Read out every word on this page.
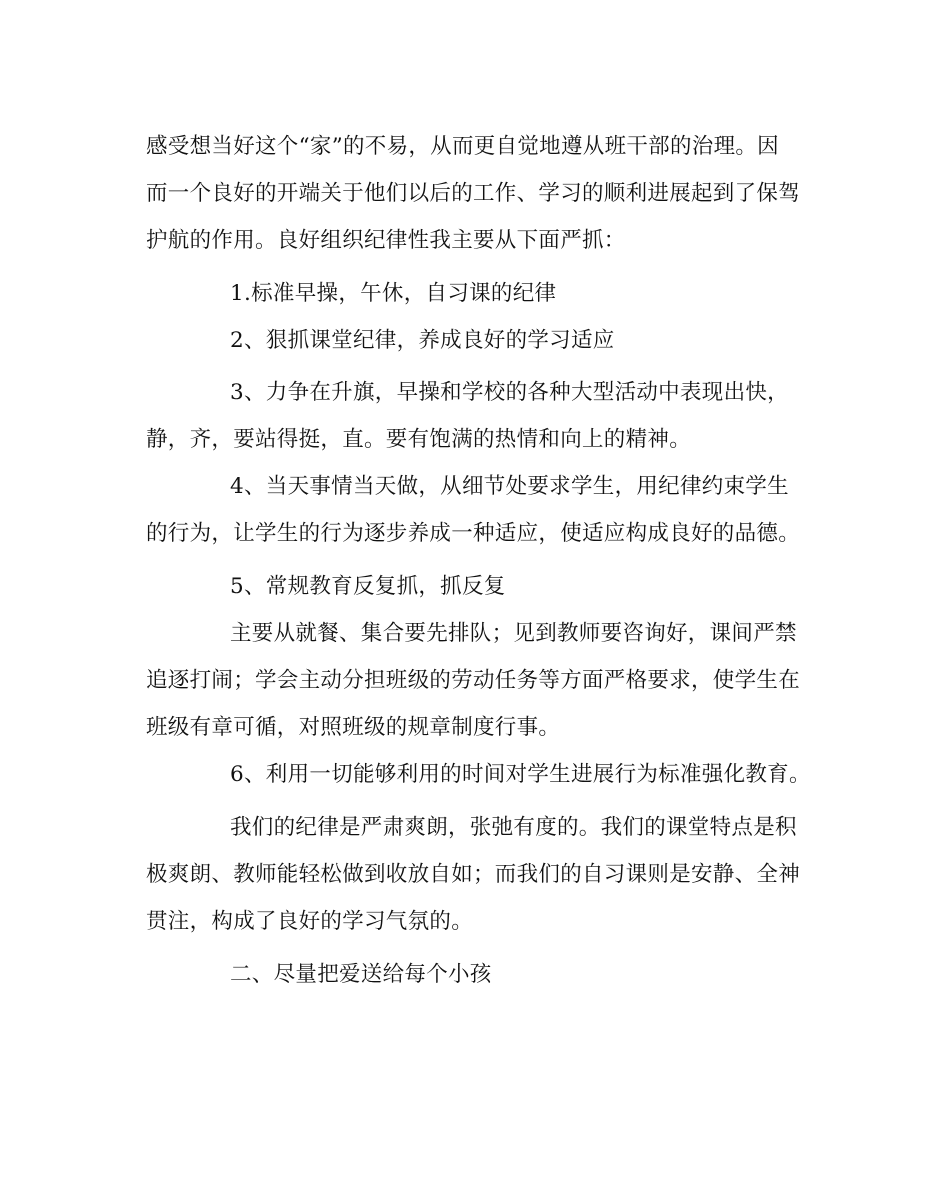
感受想当好这个“家”的不易，从而更自觉地遵从班干部的治理。因
而一个良好的开端关于他们以后的工作、学习的顺利进展起到了保驾
护航的作用。良好组织纪律性我主要从下面严抓：
1.标准早操，午休，自习课的纪律
2、狠抓课堂纪律，养成良好的学习适应
3、力争在升旗，早操和学校的各种大型活动中表现出快，
静，齐，要站得挺，直。要有饱满的热情和向上的精神。
4、当天事情当天做，从细节处要求学生，用纪律约束学生
的行为，让学生的行为逐步养成一种适应，使适应构成良好的品德。
5、常规教育反复抓，抓反复
主要从就餐、集合要先排队；见到教师要咨询好，课间严禁
追逐打闹；学会主动分担班级的劳动任务等方面严格要求，使学生在
班级有章可循，对照班级的规章制度行事。
6、利用一切能够利用的时间对学生进展行为标准强化教育。
我们的纪律是严肃爽朗，张弛有度的。我们的课堂特点是积
极爽朗、教师能轻松做到收放自如；而我们的自习课则是安静、全神
贯注，构成了良好的学习气氛的。
二、尽量把爱送给每个小孩
